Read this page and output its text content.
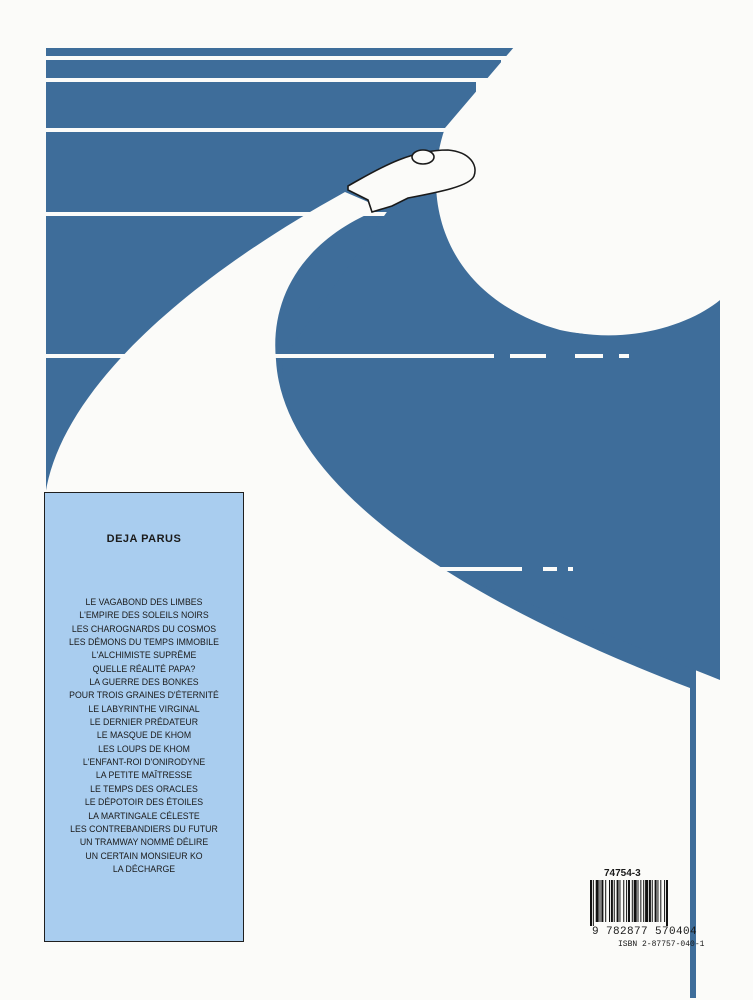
DEJA PARUS
LE VAGABOND DES LIMBES
L'EMPIRE DES SOLEILS NOIRS
LES CHAROGNARDS DU COSMOS
LES DÉMONS DU TEMPS IMMOBILE
L'ALCHIMISTE SUPRÊME
QUELLE RÉALITÉ PAPA?
LA GUERRE DES BONKES
POUR TROIS GRAINES D'ÉTERNITÉ
LE LABYRINTHE VIRGINAL
LE DERNIER PRÉDATEUR
LE MASQUE DE KHOM
LES LOUPS DE KHOM
L'ENFANT-ROI D'ONIRODYNE
LA PETITE MAÎTRESSE
LE TEMPS DES ORACLES
LE DÉPOTOIR DES ÉTOILES
LA MARTINGALE CÉLESTE
LES CONTREBANDIERS DU FUTUR
UN TRAMWAY NOMMÉ DÉLIRE
UN CERTAIN MONSIEUR KO
LA DÉCHARGE	74754-3
9 782877 570404
ISBN 2-87757-040-1
